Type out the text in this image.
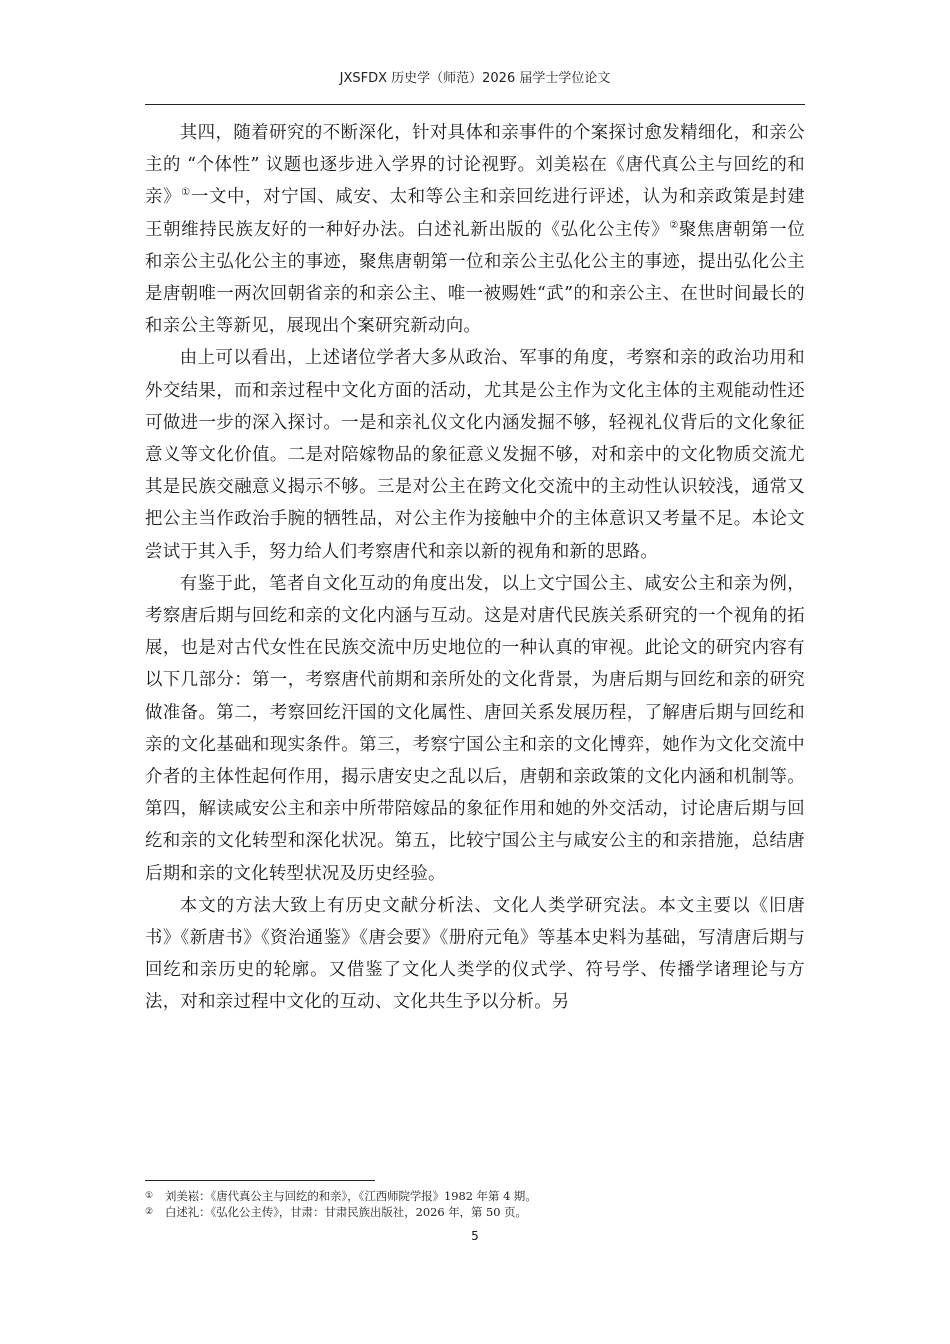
JXSFDX 历史学（师范）2026 届学士学位论文

其四，随着研究的不断深化，针对具体和亲事件的个案探讨愈发精细化，和亲公主的 “个体性” 议题也逐步进入学界的讨论视野。刘美崧在《唐代真公主与回纥的和亲》①一文中，对宁国、咸安、太和等公主和亲回纥进行评述，认为和亲政策是封建王朝维持民族友好的一种好办法。白述礼新出版的《弘化公主传》②聚焦唐朝第一位和亲公主弘化公主的事迹，聚焦唐朝第一位和亲公主弘化公主的事迹，提出弘化公主是唐朝唯一两次回朝省亲的和亲公主、唯一被赐姓“武”的和亲公主、在世时间最长的和亲公主等新见，展现出个案研究新动向。

由上可以看出，上述诸位学者大多从政治、军事的角度，考察和亲的政治功用和外交结果，而和亲过程中文化方面的活动，尤其是公主作为文化主体的主观能动性还可做进一步的深入探讨。一是和亲礼仪文化内涵发掘不够，轻视礼仪背后的文化象征意义等文化价值。二是对陪嫁物品的象征意义发掘不够，对和亲中的文化物质交流尤其是民族交融意义揭示不够。三是对公主在跨文化交流中的主动性认识较浅，通常又把公主当作政治手腕的牺牲品，对公主作为接触中介的主体意识又考量不足。本论文尝试于其入手，努力给人们考察唐代和亲以新的视角和新的思路。

有鉴于此，笔者自文化互动的角度出发，以上文宁国公主、咸安公主和亲为例，考察唐后期与回纥和亲的文化内涵与互动。这是对唐代民族关系研究的一个视角的拓展，也是对古代女性在民族交流中历史地位的一种认真的审视。此论文的研究内容有以下几部分：第一，考察唐代前期和亲所处的文化背景，为唐后期与回纥和亲的研究做准备。第二，考察回纥汗国的文化属性、唐回关系发展历程，了解唐后期与回纥和亲的文化基础和现实条件。第三，考察宁国公主和亲的文化博弈，她作为文化交流中介者的主体性起何作用，揭示唐安史之乱以后，唐朝和亲政策的文化内涵和机制等。第四，解读咸安公主和亲中所带陪嫁品的象征作用和她的外交活动，讨论唐后期与回纥和亲的文化转型和深化状况。第五，比较宁国公主与咸安公主的和亲措施，总结唐后期和亲的文化转型状况及历史经验。

本文的方法大致上有历史文献分析法、文化人类学研究法。本文主要以《旧唐书》《新唐书》《资治通鉴》《唐会要》《册府元龟》等基本史料为基础，写清唐后期与回纥和亲历史的轮廓。又借鉴了文化人类学的仪式学、符号学、传播学诸理论与方法，对和亲过程中文化的互动、文化共生予以分析。另

① 刘美崧：《唐代真公主与回纥的和亲》，《江西师院学报》1982 年第 4 期。
② 白述礼：《弘化公主传》，甘肃：甘肃民族出版社，2026 年，第 50 页。
5
